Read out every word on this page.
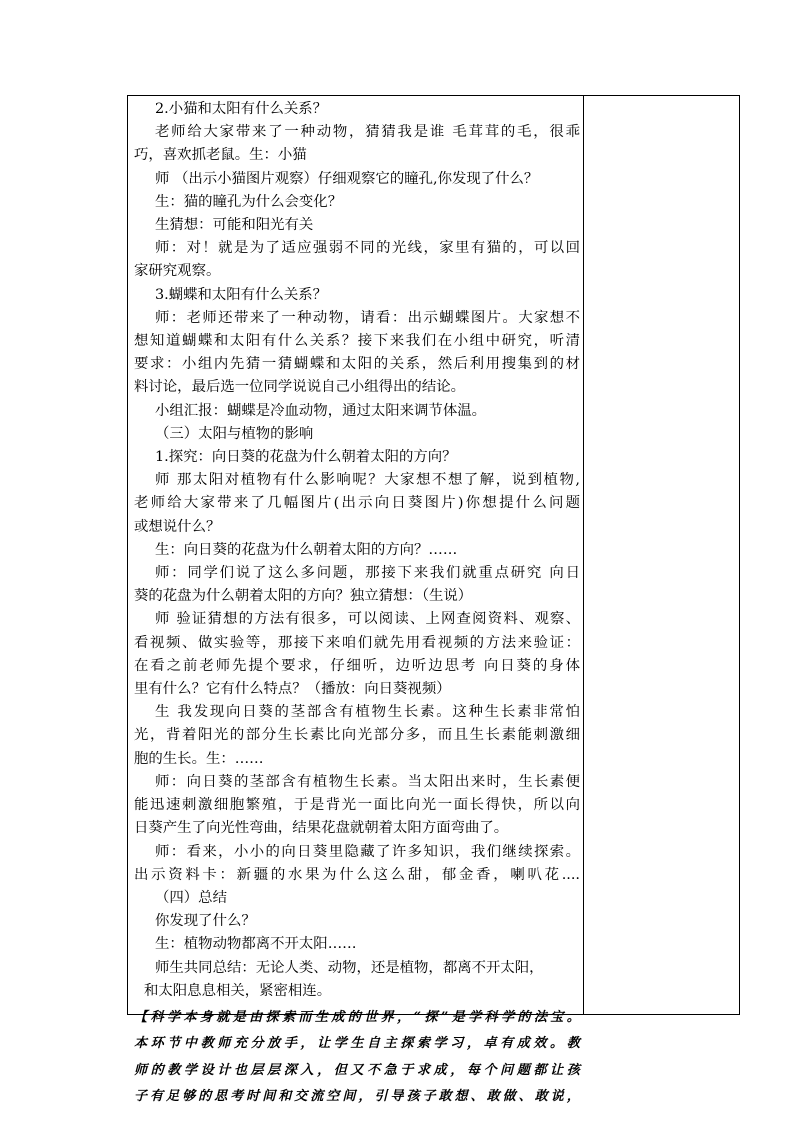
2.小猫和太阳有什么关系？
老师给大家带来了一种动物，猜猜我是谁 毛茸茸的毛，很乖
巧，喜欢抓老鼠。生：小猫
师 （出示小猫图片观察）仔细观察它的瞳孔,你发现了什么？
生：猫的瞳孔为什么会变化？
生猜想：可能和阳光有关
师：对！就是为了适应强弱不同的光线，家里有猫的，可以回
家研究观察。
3.蝴蝶和太阳有什么关系？
师：老师还带来了一种动物，请看：出示蝴蝶图片。大家想不
想知道蝴蝶和太阳有什么关系？接下来我们在小组中研究，听清
要求：小组内先猜一猜蝴蝶和太阳的关系，然后利用搜集到的材
料讨论，最后选一位同学说说自己小组得出的结论。
小组汇报：蝴蝶是冷血动物，通过太阳来调节体温。
（三）太阳与植物的影响
1.探究：向日葵的花盘为什么朝着太阳的方向？
师 那太阳对植物有什么影响呢？大家想不想了解，说到植物,
老师给大家带来了几幅图片(出示向日葵图片)你想提什么问题
或想说什么？
生：向日葵的花盘为什么朝着太阳的方向？……
师：同学们说了这么多问题，那接下来我们就重点研究 向日
葵的花盘为什么朝着太阳的方向？独立猜想：（生说）
师 验证猜想的方法有很多，可以阅读、上网查阅资料、观察、
看视频、做实验等，那接下来咱们就先用看视频的方法来验证：
在看之前老师先提个要求，仔细听，边听边思考 向日葵的身体
里有什么？它有什么特点？（播放：向日葵视频）
生 我发现向日葵的茎部含有植物生长素。这种生长素非常怕
光，背着阳光的部分生长素比向光部分多，而且生长素能刺激细
胞的生长。生：……
师：向日葵的茎部含有植物生长素。当太阳出来时，生长素便
能迅速刺激细胞繁殖，于是背光一面比向光一面长得快，所以向
日葵产生了向光性弯曲，结果花盘就朝着太阳方面弯曲了。
师：看来，小小的向日葵里隐藏了许多知识，我们继续探索。
出示资料卡：新疆的水果为什么这么甜，郁金香，喇叭花....
（四）总结
你发现了什么？
生：植物动物都离不开太阳……
师生共同总结：无论人类、动物，还是植物，都离不开太阳，
和太阳息息相关，紧密相连。
【科学本身就是由探索而生成的世界，“探”是学科学的法宝。
本环节中教师充分放手，让学生自主探索学习，卓有成效。教
师的教学设计也层层深入，但又不急于求成，每个问题都让孩
子有足够的思考时间和交流空间，引导孩子敢想、敢做、敢说，
